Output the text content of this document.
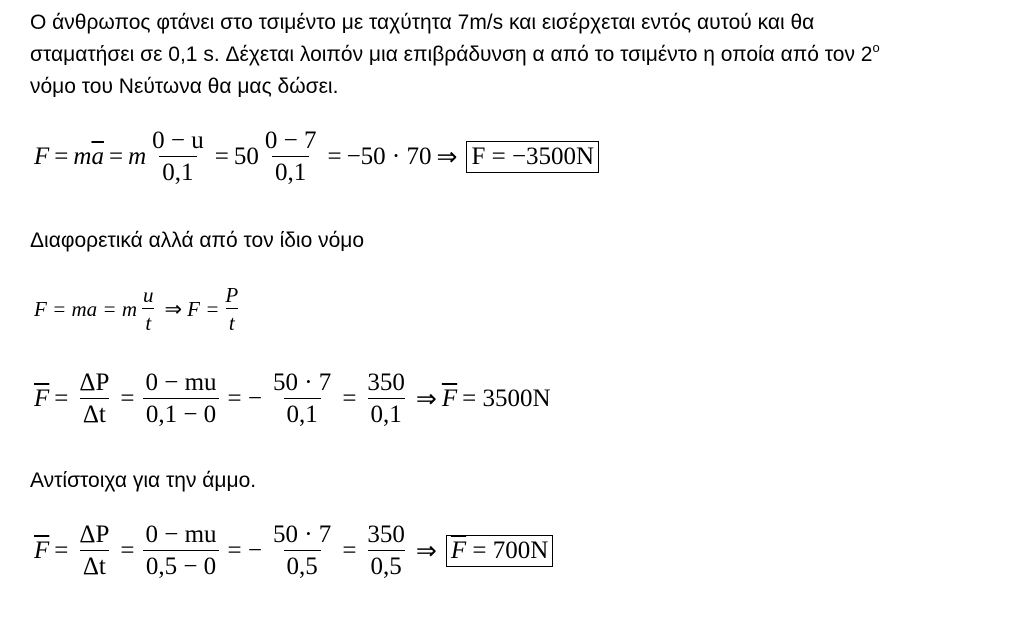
Ο άνθρωπος φτάνει στο τσιμέντο με ταχύτητα 7m/s και εισέρχεται εντός αυτού και θα
σταματήσει σε 0,1 s. Δέχεται λοιπόν μια επιβράδυνση α από το τσιμέντο η οποία από τον $2^o$
νόμο του Νεύτωνα θα μας δώσει.
F = m $\overline{a} = m \frac{0 - u}{0,1} = 50 \frac{0 - 7}{0,1} = -50 \cdot 70$ ⇒ F = −3500N
Διαφορετικά αλλά από τον ίδιο νόμο
F = ma = m $\frac{u}{t}$ ⇒ $F = \frac{P}{t}$
$\overline{F} = \frac{\Delta P}{\Delta t} = \frac{0 - mu}{0,1 - 0}$ = − $\frac{50 \cdot 7}{0,1} = \frac{350}{0,1}$ ⇒ $\overline{F} = 3500N$
Αντίστοιχα για την άμμο.
$\overline{F} = \frac{\Delta P}{\Delta t} = \frac{0 - mu}{0,5 - 0}$ = − $\frac{50 \cdot 7}{0,5} = \frac{350}{0,5}$ ⇒ $\overline{F} = 700N$
